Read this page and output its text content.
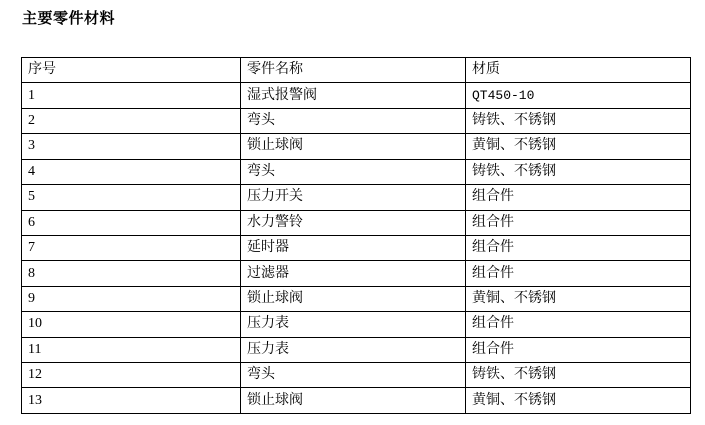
主要零件材料
序号	零件名称	材质
1	湿式报警阀	QT450-10
2	弯头	铸铁、不锈钢
3	锁止球阀	黄铜、不锈钢
4	弯头	铸铁、不锈钢
5	压力开关	组合件
6	水力警铃	组合件
7	延时器	组合件
8	过滤器	组合件
9	锁止球阀	黄铜、不锈钢
10	压力表	组合件
11	压力表	组合件
12	弯头	铸铁、不锈钢
13	锁止球阀	黄铜、不锈钢
